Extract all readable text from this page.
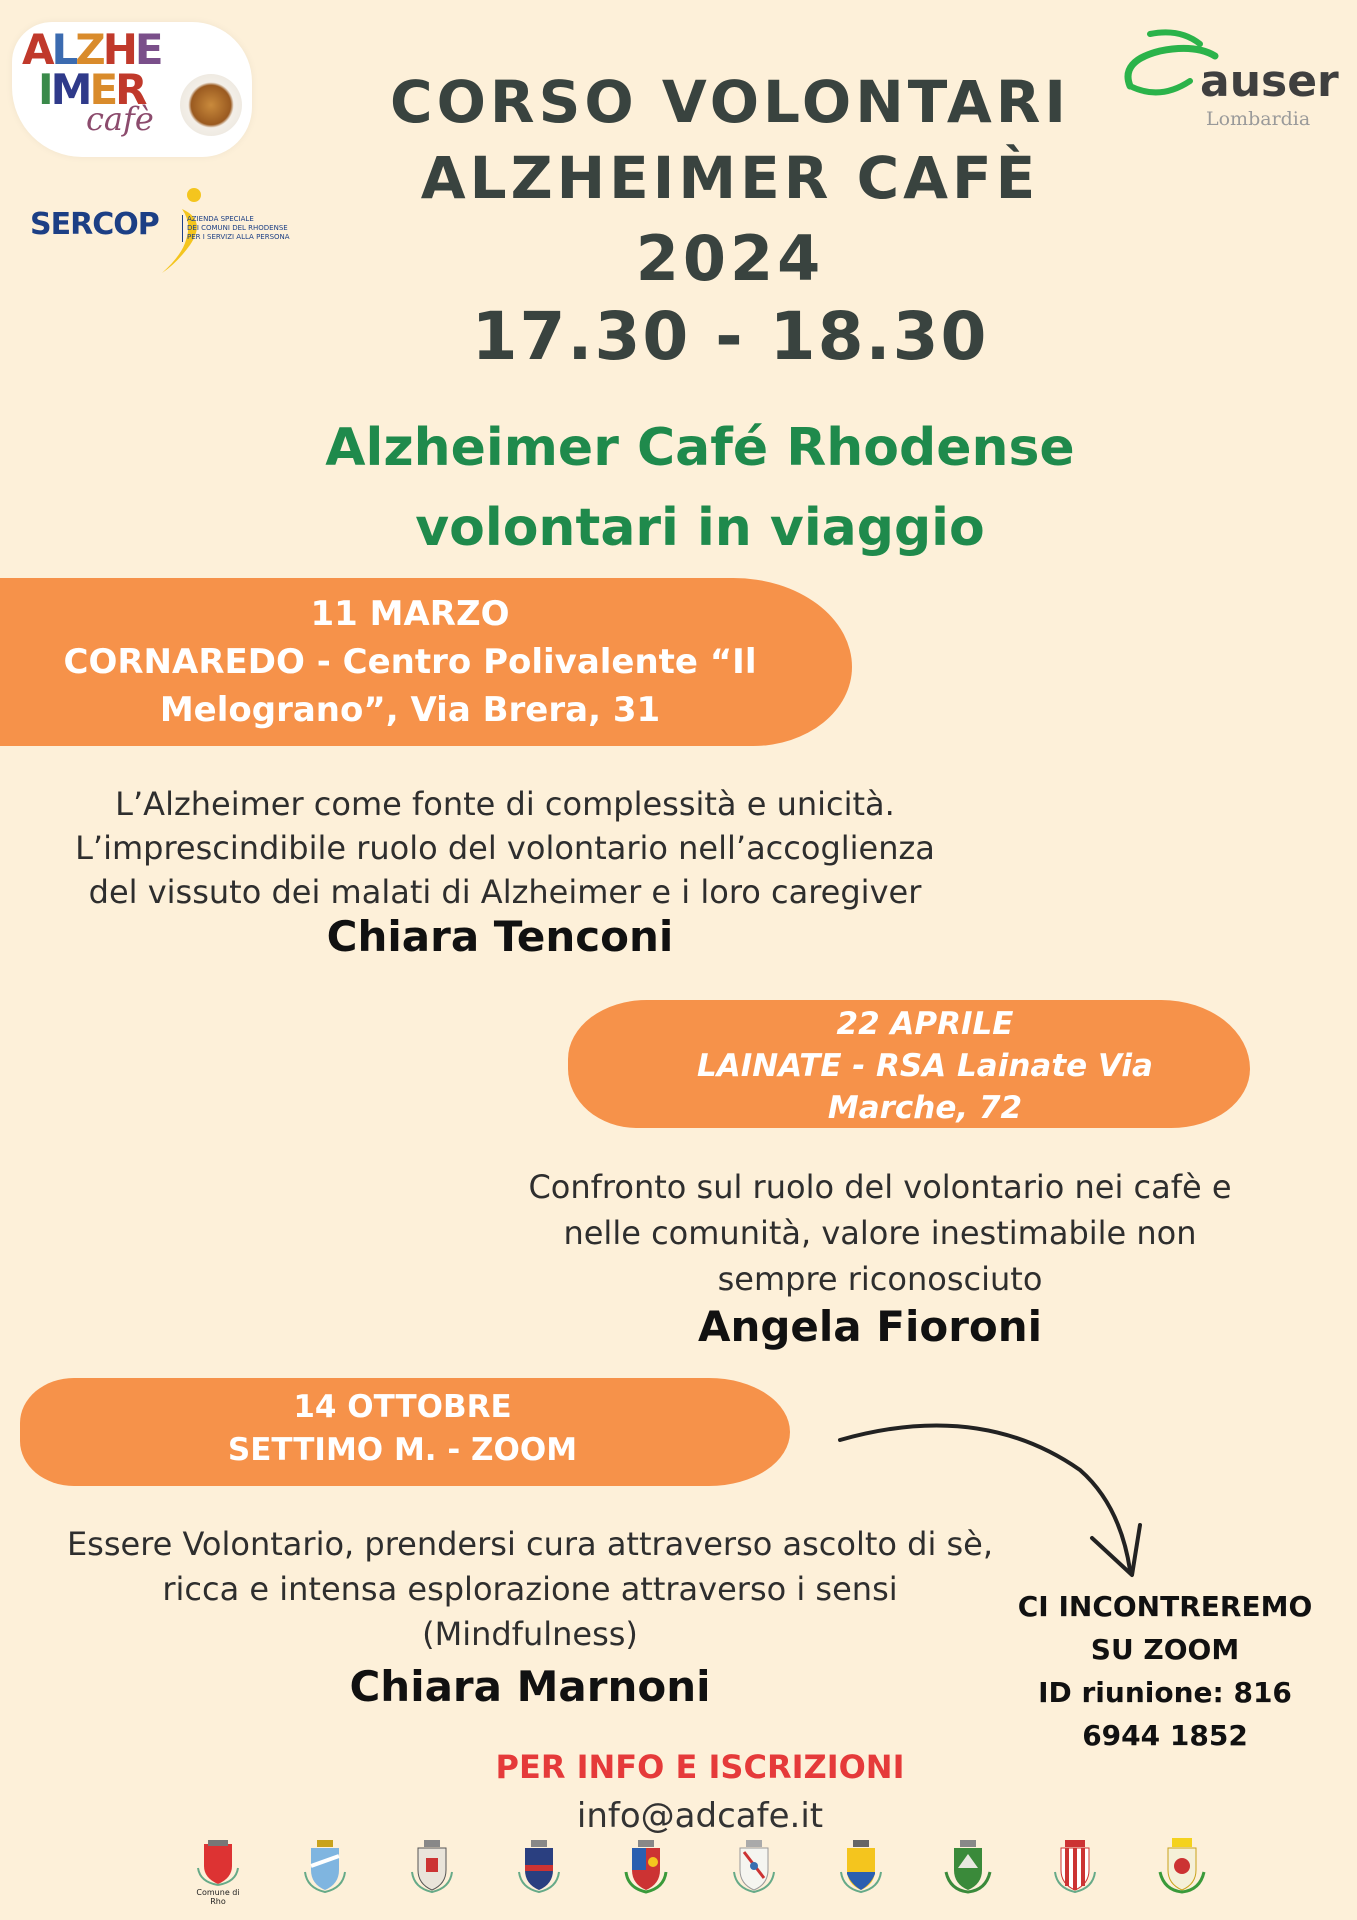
ALZHE
IMER
cafè
SERCOP	AZIENDA SPECIALE
DEI COMUNI DEL RHODENSE
PER I SERVIZI ALLA PERSONA
auser
Lombardia
CORSO VOLONTARI
ALZHEIMER CAFÈ
2024
17.30 - 18.30
Alzheimer Café Rhodense
volontari in viaggio
11 MARZO
CORNAREDO - Centro Polivalente “Il
Melograno”, Via Brera, 31
L’Alzheimer come fonte di complessità e unicità.
L’imprescindibile ruolo del volontario nell’accoglienza
del vissuto dei malati di Alzheimer e i loro caregiver
Chiara Tenconi
22 APRILE
LAINATE - RSA Lainate Via
Marche, 72
Confronto sul ruolo del volontario nei cafè e
nelle comunità, valore inestimabile non
sempre riconosciuto
Angela Fioroni
14 OTTOBRE
SETTIMO M. - ZOOM
Essere Volontario, prendersi cura attraverso ascolto di sè,
ricca e intensa esplorazione attraverso i sensi
(Mindfulness)
Chiara Marnoni
CI INCONTREREMO
SU ZOOM
ID riunione: 816
6944 1852
PER INFO E ISCRIZIONI
info@adcafe.it
Comune di Rho
